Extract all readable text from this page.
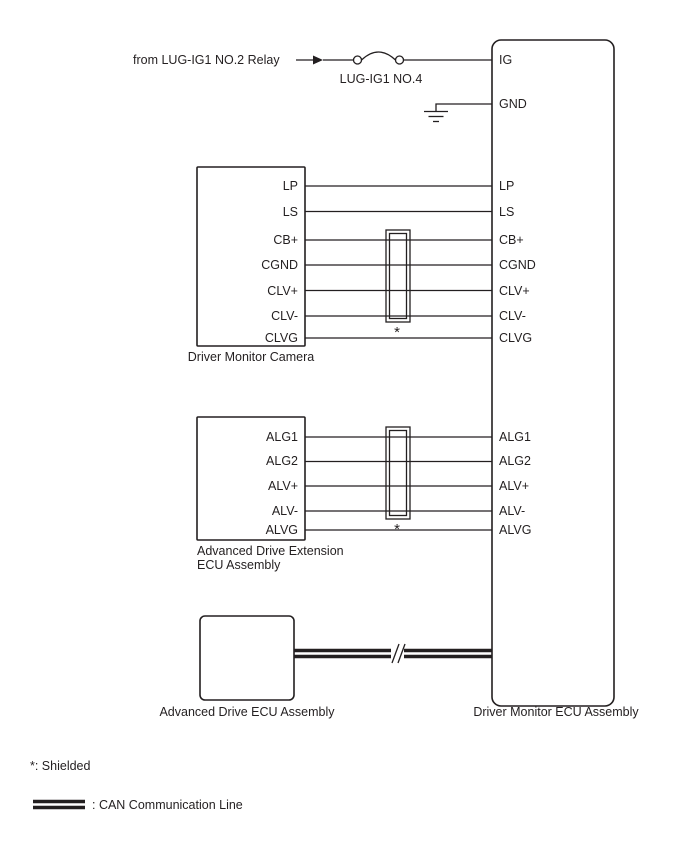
from LUG-IG1 NO.2 Relay
LUG-IG1 NO.4
*
*
IG
GND
LP
LS
CB+
CGND
CLV+
CLV-
CLVG
ALG1
ALG2
ALV+
ALV-
ALVG
LP
LS
CB+
CGND
CLV+
CLV-
CLVG
ALG1
ALG2
ALV+
ALV-
ALVG
Driver Monitor Camera
Advanced Drive Extension
ECU Assembly
Advanced Drive ECU Assembly	Driver Monitor ECU Assembly
*: Shielded
: CAN Communication Line
